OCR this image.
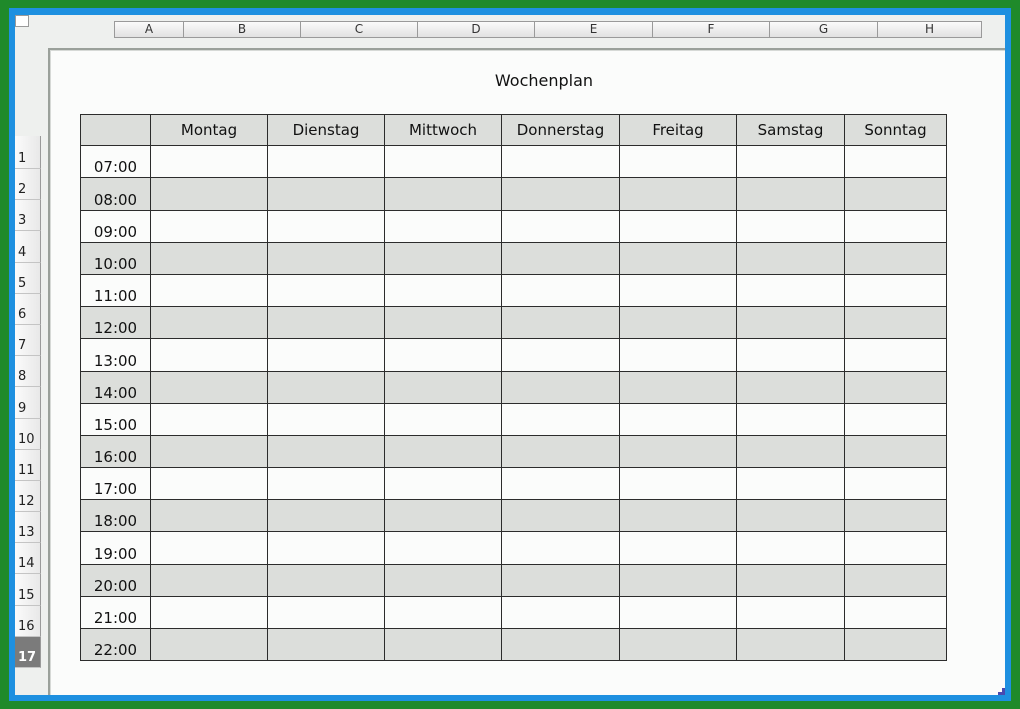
A	B	C	D	E	F	G	H
1
2
3
4
5
6
7
8
9
10
11
12
13
14
15
16
17
Wochenplan
	Montag	Dienstag	Mittwoch	Donnerstag	Freitag	Samstag	Sonntag
07:00							
08:00							
09:00							
10:00							
11:00							
12:00							
13:00							
14:00							
15:00							
16:00							
17:00							
18:00							
19:00							
20:00							
21:00							
22:00							
